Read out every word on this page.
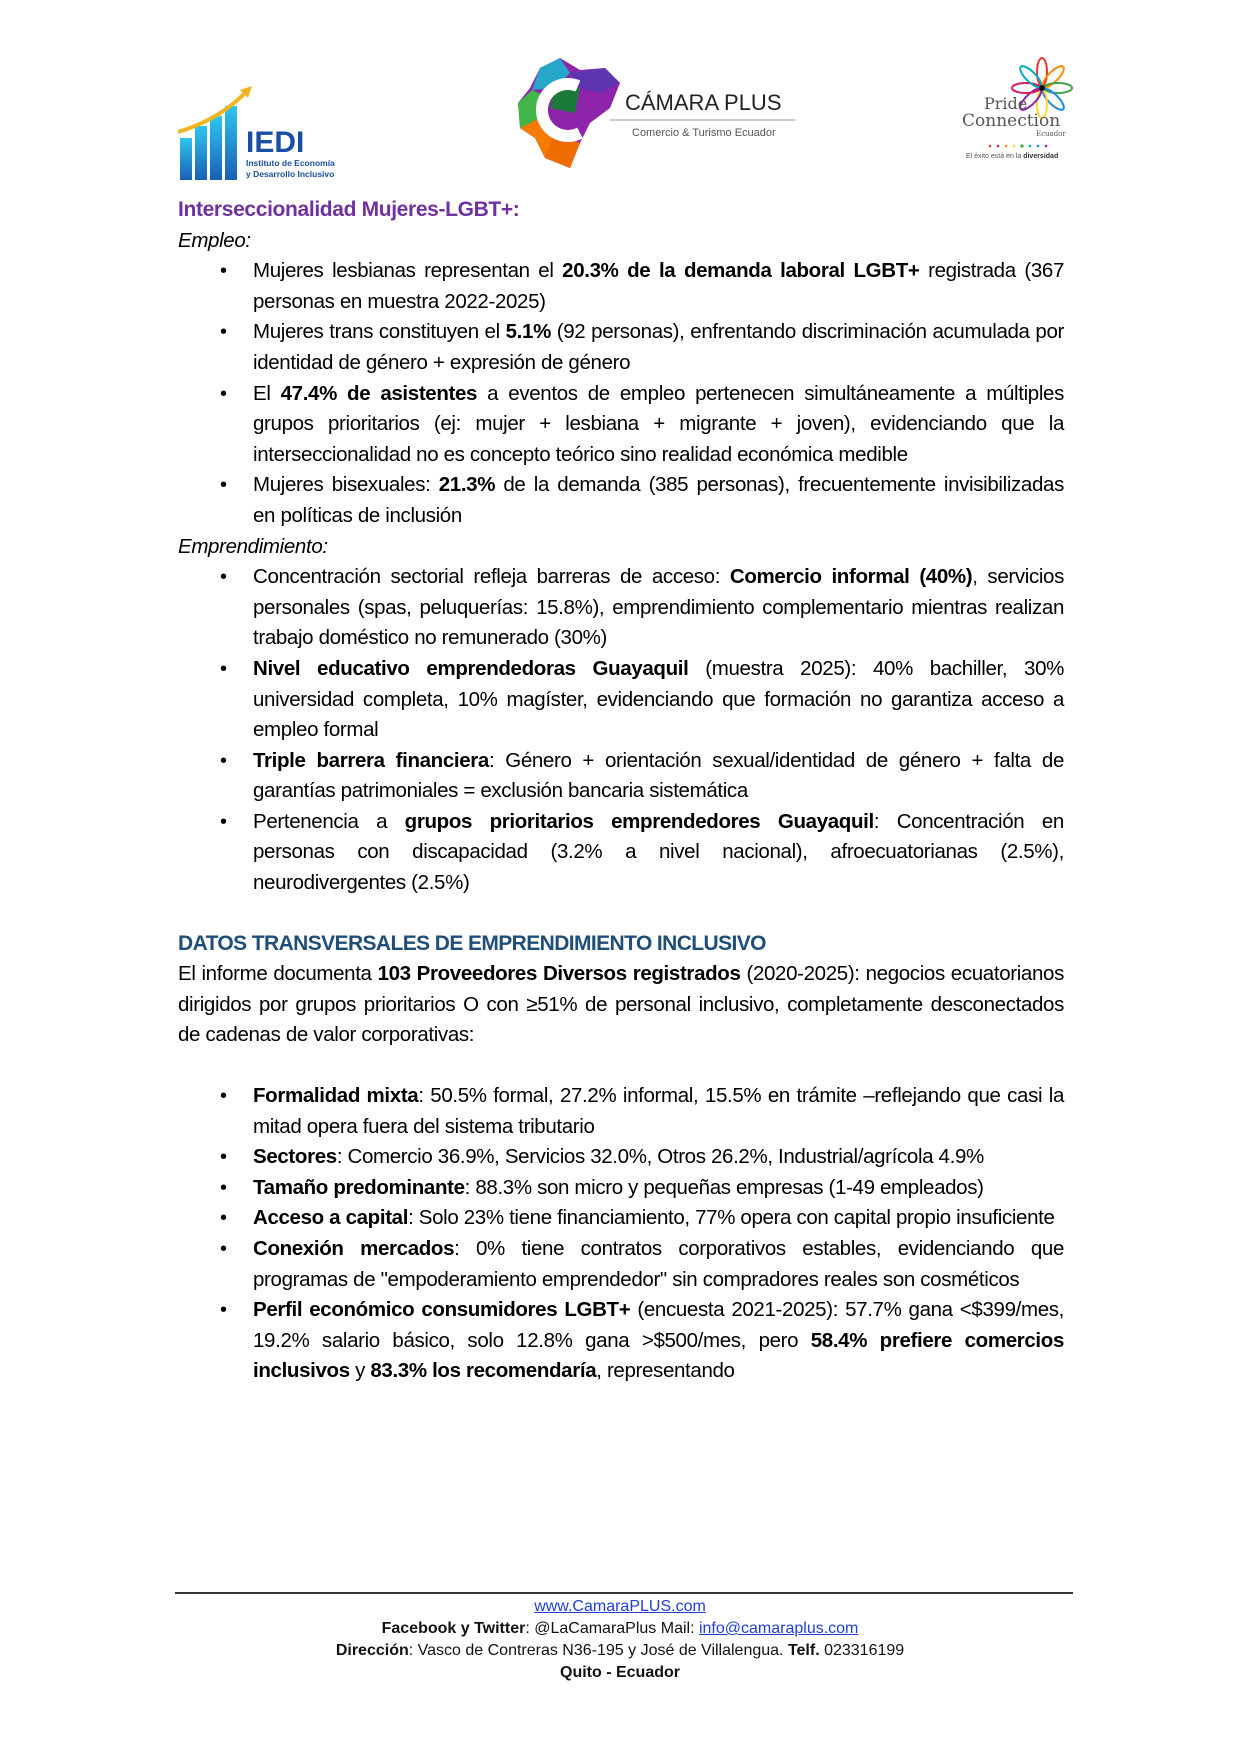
IEDI
Instituto de Economía
y Desarrollo Inclusivo
CÁMARA PLUS
Comercio & Turismo Ecuador
Pride
Connection
Ecuador
El éxito está en la diversidad
Interseccionalidad Mujeres-LGBT+:
Empleo:
• Mujeres lesbianas representan el 20.3% de la demanda laboral LGBT+ registrada (367 personas en muestra 2022-2025)
• Mujeres trans constituyen el 5.1% (92 personas), enfrentando discriminación acumulada por identidad de género + expresión de género
• El 47.4% de asistentes a eventos de empleo pertenecen simultáneamente a múltiples grupos prioritarios (ej: mujer + lesbiana + migrante + joven), evidenciando que la interseccionalidad no es concepto teórico sino realidad económica medible
• Mujeres bisexuales: 21.3% de la demanda (385 personas), frecuentemente invisibilizadas en políticas de inclusión
Emprendimiento:
• Concentración sectorial refleja barreras de acceso: Comercio informal (40%), servicios personales (spas, peluquerías: 15.8%), emprendimiento complementario mientras realizan trabajo doméstico no remunerado (30%)
• Nivel educativo emprendedoras Guayaquil (muestra 2025): 40% bachiller, 30% universidad completa, 10% magíster, evidenciando que formación no garantiza acceso a empleo formal
• Triple barrera financiera: Género + orientación sexual/identidad de género + falta de garantías patrimoniales = exclusión bancaria sistemática
• Pertenencia a grupos prioritarios emprendedores Guayaquil: Concentración en personas con discapacidad (3.2% a nivel nacional), afroecuatorianas (2.5%), neurodivergentes (2.5%)
DATOS TRANSVERSALES DE EMPRENDIMIENTO INCLUSIVO
El informe documenta 103 Proveedores Diversos registrados (2020-2025): negocios ecuatorianos dirigidos por grupos prioritarios O con ≥51% de personal inclusivo, completamente desconectados de cadenas de valor corporativas:
• Formalidad mixta: 50.5% formal, 27.2% informal, 15.5% en trámite –reflejando que casi la mitad opera fuera del sistema tributario
• Sectores: Comercio 36.9%, Servicios 32.0%, Otros 26.2%, Industrial/agrícola 4.9%
• Tamaño predominante: 88.3% son micro y pequeñas empresas (1-49 empleados)
• Acceso a capital: Solo 23% tiene financiamiento, 77% opera con capital propio insuficiente
• Conexión mercados: 0% tiene contratos corporativos estables, evidenciando que programas de "empoderamiento emprendedor" sin compradores reales son cosméticos
• Perfil económico consumidores LGBT+ (encuesta 2021-2025): 57.7% gana <$399/mes, 19.2% salario básico, solo 12.8% gana >$500/mes, pero 58.4% prefiere comercios inclusivos y 83.3% los recomendaría, representando
www.CamaraPLUS.com
Facebook y Twitter: @LaCamaraPlus Mail: info@camaraplus.com
Dirección: Vasco de Contreras N36-195 y José de Villalengua. Telf. 023316199
Quito - Ecuador
